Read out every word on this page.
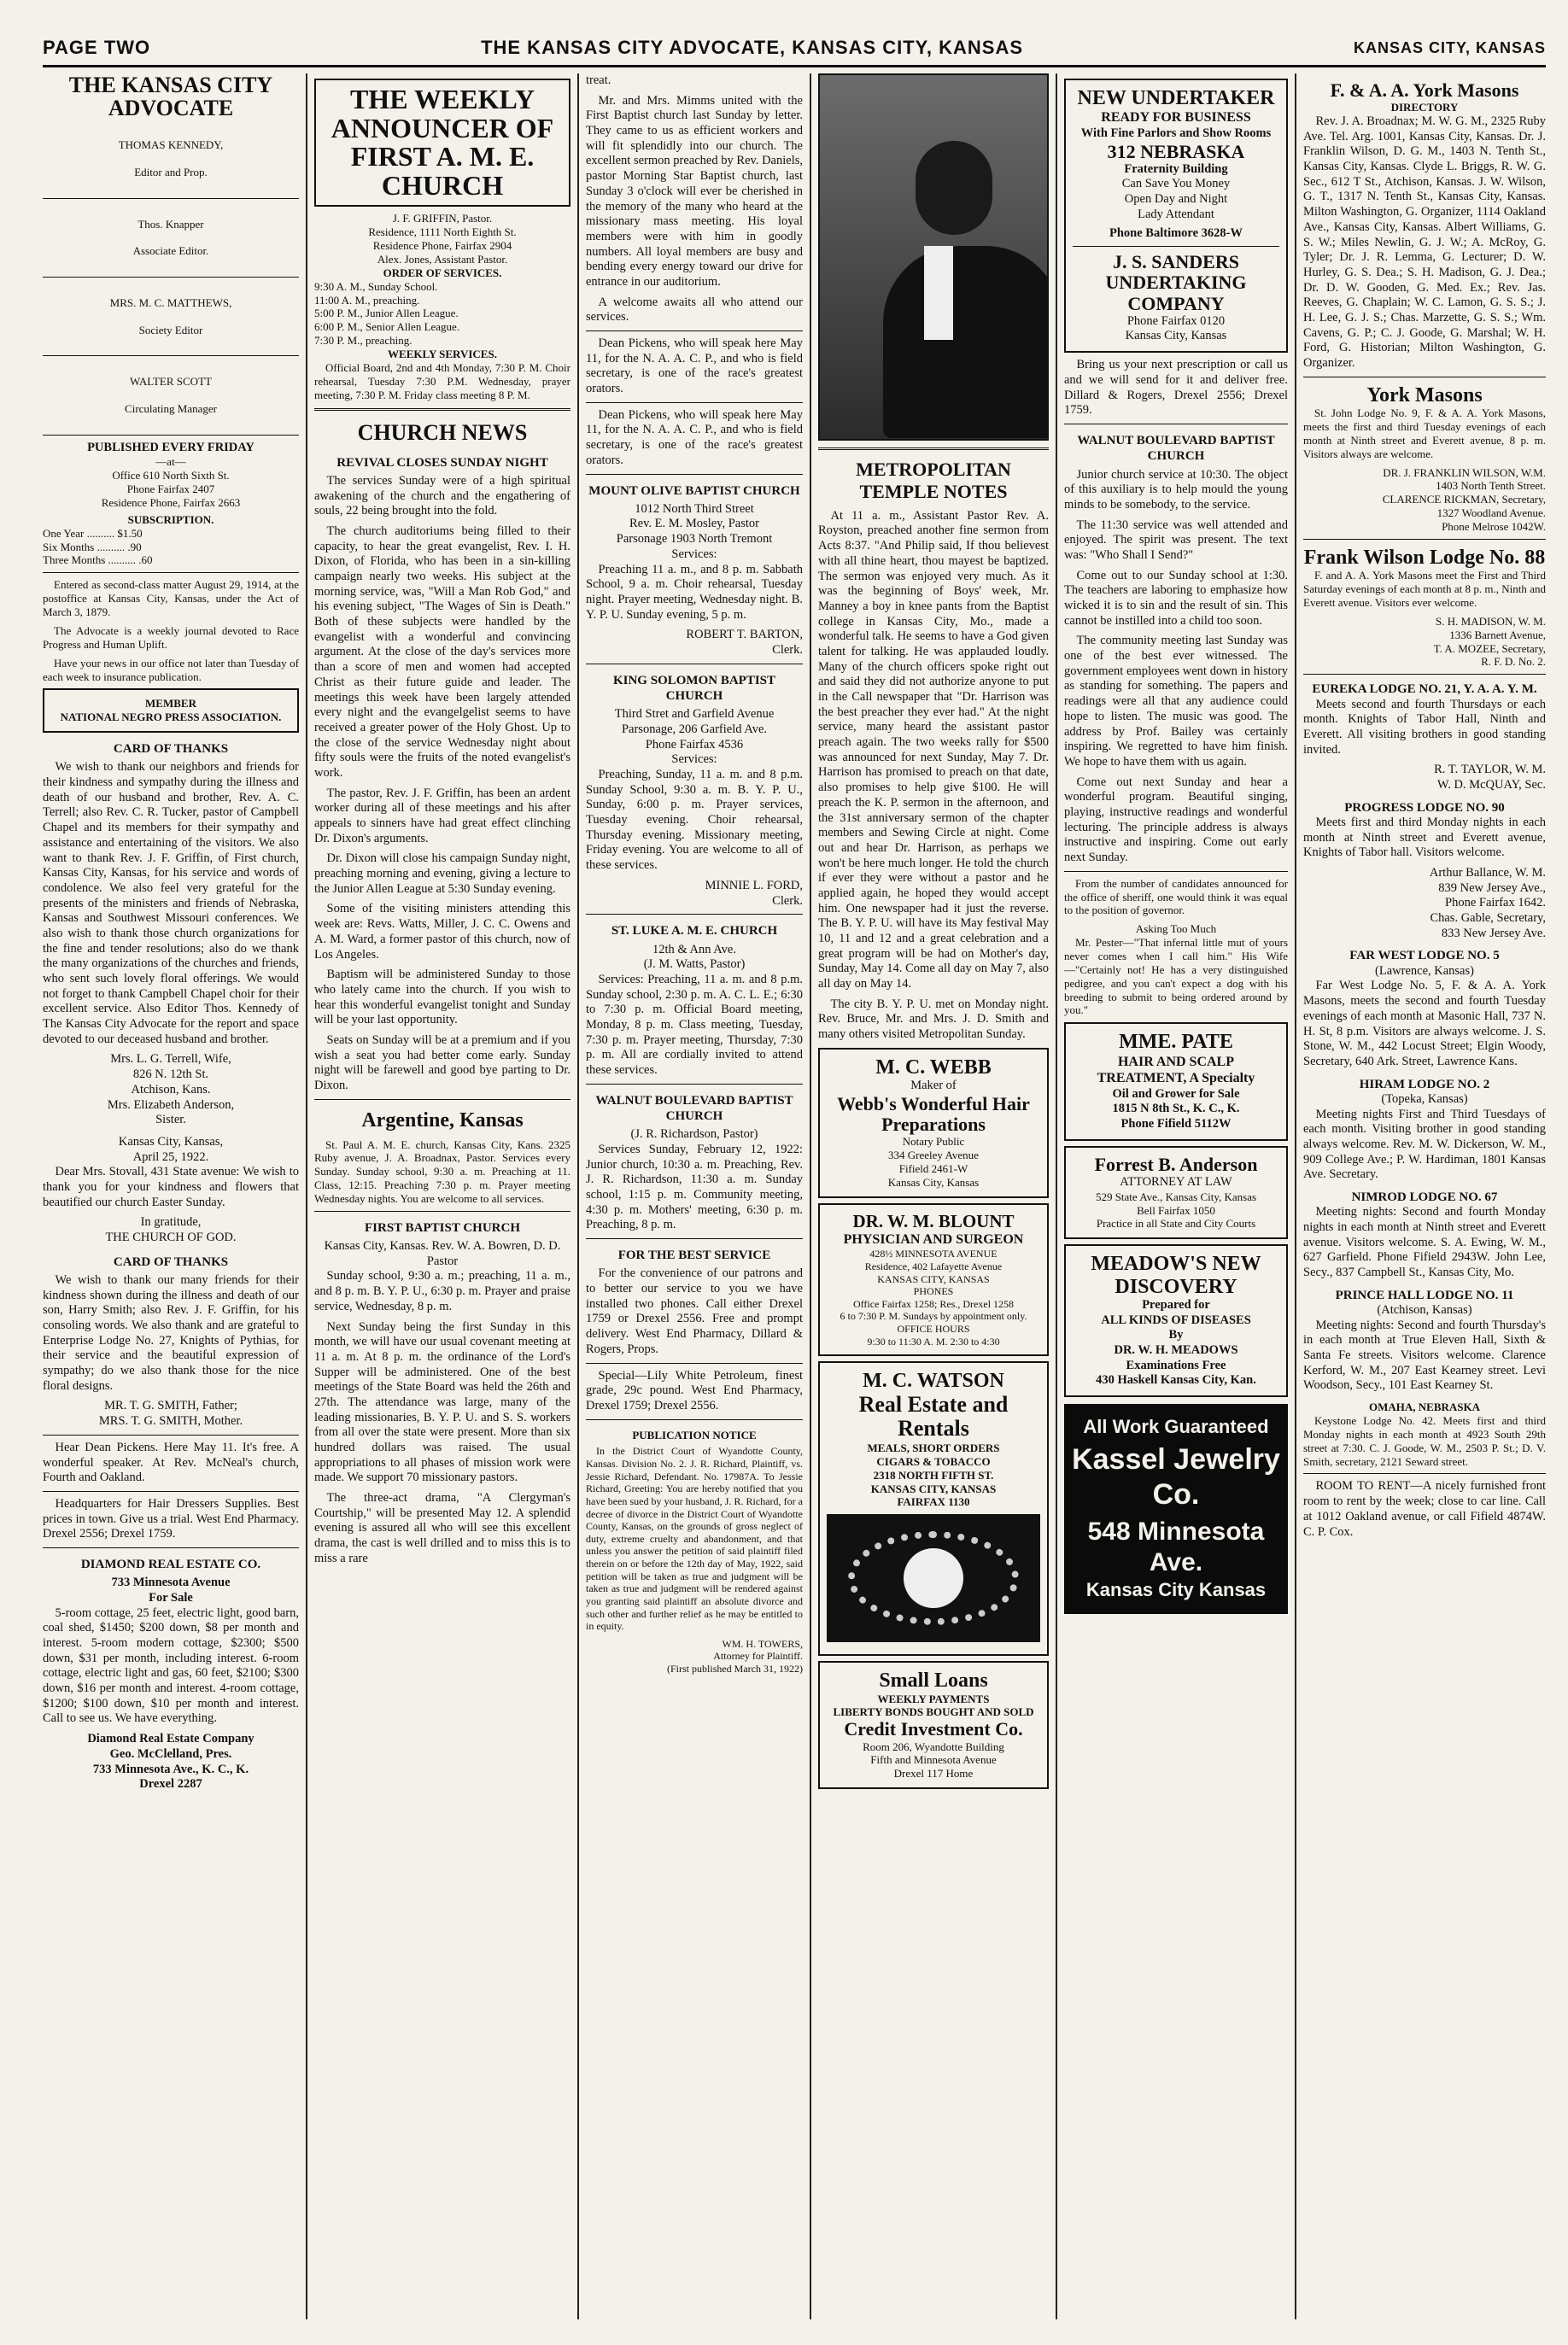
PAGE TWO	THE KANSAS CITY ADVOCATE, KANSAS CITY, KANSAS	KANSAS CITY, KANSAS
THE KANSAS CITY ADVOCATE

THOMAS KENNEDY,

Editor and Prop.

Thos. Knapper

Associate Editor.

MRS. M. C. MATTHEWS,

Society Editor

WALTER SCOTT

Circulating Manager

PUBLISHED EVERY FRIDAY
—at—
Office 610 North Sixth St.
Phone Fairfax 2407
Residence Phone, Fairfax 2663
SUBSCRIPTION.
One Year .......... $1.50
Six Months .......... .90
Three Months .......... .60

Entered as second-class matter August 29, 1914, at the postoffice at Kansas City, Kansas, under the Act of March 3, 1879.

The Advocate is a weekly journal devoted to Race Progress and Human Uplift.

Have your news in our office not later than Tuesday of each week to insurance publication.

MEMBER
NATIONAL NEGRO PRESS ASSOCIATION.
CARD OF THANKS

We wish to thank our neighbors and friends for their kindness and sympathy during the illness and death of our husband and brother, Rev. A. C. Terrell; also Rev. C. R. Tucker, pastor of Campbell Chapel and its members for their sympathy and assistance and entertaining of the visitors. We also want to thank Rev. J. F. Griffin, of First church, Kansas City, Kansas, for his service and words of condolence. We also feel very grateful for the presents of the ministers and friends of Nebraska, Kansas and Southwest Missouri conferences. We also wish to thank those church organizations for the fine and tender resolutions; also do we thank the many organizations of the churches and friends, who sent such lovely floral offerings. We would not forget to thank Campbell Chapel choir for their excellent service. Also Editor Thos. Kennedy of The Kansas City Advocate for the report and space devoted to our deceased husband and brother.

Mrs. L. G. Terrell, Wife,
826 N. 12th St.
Atchison, Kans.
Mrs. Elizabeth Anderson,
Sister.
Kansas City, Kansas,
April 25, 1922.

Dear Mrs. Stovall, 431 State avenue: We wish to thank you for your kindness and flowers that beautified our church Easter Sunday.

In gratitude,
THE CHURCH OF GOD.
CARD OF THANKS

We wish to thank our many friends for their kindness shown during the illness and death of our son, Harry Smith; also Rev. J. F. Griffin, for his consoling words. We also thank and are grateful to Enterprise Lodge No. 27, Knights of Pythias, for their service and the beautiful expression of sympathy; do we also thank those for the nice floral designs.

MR. T. G. SMITH, Father;
MRS. T. G. SMITH, Mother.

Hear Dean Pickens. Here May 11. It's free. A wonderful speaker. At Rev. McNeal's church, Fourth and Oakland.

Headquarters for Hair Dressers Supplies. Best prices in town. Give us a trial. West End Pharmacy. Drexel 2556; Drexel 1759.

DIAMOND REAL ESTATE CO.
733 Minnesota Avenue
For Sale

5-room cottage, 25 feet, electric light, good barn, coal shed, $1450; $200 down, $8 per month and interest. 5-room modern cottage, $2300; $500 down, $31 per month, including interest. 6-room cottage, electric light and gas, 60 feet, $2100; $300 down, $16 per month and interest. 4-room cottage, $1200; $100 down, $10 per month and interest. Call to see us. We have everything.

Diamond Real Estate Company
Geo. McClelland, Pres.
733 Minnesota Ave., K. C., K.
Drexel 2287
THE WEEKLY ANNOUNCER OF FIRST A. M. E. CHURCH
J. F. GRIFFIN, Pastor.
Residence, 1111 North Eighth St.
Residence Phone, Fairfax 2904
Alex. Jones, Assistant Pastor.
ORDER OF SERVICES.
9:30 A. M., Sunday School.
11:00 A. M., preaching.
5:00 P. M., Junior Allen League.
6:00 P. M., Senior Allen League.
7:30 P. M., preaching.
WEEKLY SERVICES.

Official Board, 2nd and 4th Monday, 7:30 P. M. Choir rehearsal, Tuesday 7:30 P.M. Wednesday, prayer meeting, 7:30 P. M. Friday class meeting 8 P. M.

CHURCH NEWS
REVIVAL CLOSES SUNDAY NIGHT

The services Sunday were of a high spiritual awakening of the church and the engathering of souls, 22 being brought into the fold.

The church auditoriums being filled to their capacity, to hear the great evangelist, Rev. I. H. Dixon, of Florida, who has been in a sin-killing campaign nearly two weeks. His subject at the morning service, was, "Will a Man Rob God," and his evening subject, "The Wages of Sin is Death." Both of these subjects were handled by the evangelist with a wonderful and convincing argument. At the close of the day's services more than a score of men and women had accepted Christ as their future guide and leader. The meetings this week have been largely attended every night and the evangelgelist seems to have received a greater power of the Holy Ghost. Up to the close of the service Wednesday night about fifty souls were the fruits of the noted evangelist's work.

The pastor, Rev. J. F. Griffin, has been an ardent worker during all of these meetings and his after appeals to sinners have had great effect clinching Dr. Dixon's arguments.

Dr. Dixon will close his campaign Sunday night, preaching morning and evening, giving a lecture to the Junior Allen League at 5:30 Sunday evening.

Some of the visiting ministers attending this week are: Revs. Watts, Miller, J. C. C. Owens and A. M. Ward, a former pastor of this church, now of Los Angeles.

Baptism will be administered Sunday to those who lately came into the church. If you wish to hear this wonderful evangelist tonight and Sunday will be your last opportunity.

Seats on Sunday will be at a premium and if you wish a seat you had better come early. Sunday night will be farewell and good bye parting to Dr. Dixon.

Argentine, Kansas

St. Paul A. M. E. church, Kansas City, Kans. 2325 Ruby avenue, J. A. Broadnax, Pastor. Services every Sunday. Sunday school, 9:30 a. m. Preaching at 11. Class, 12:15. Preaching 7:30 p. m. Prayer meeting Wednesday nights. You are welcome to all services.

FIRST BAPTIST CHURCH
Kansas City, Kansas. Rev. W. A. Bowren, D. D. Pastor

Sunday school, 9:30 a. m.; preaching, 11 a. m., and 8 p. m. B. Y. P. U., 6:30 p. m. Prayer and praise service, Wednesday, 8 p. m.

Next Sunday being the first Sunday in this month, we will have our usual covenant meeting at 11 a. m. At 8 p. m. the ordinance of the Lord's Supper will be administered. One of the best meetings of the State Board was held the 26th and 27th. The attendance was large, many of the leading missionaries, B. Y. P. U. and S. S. workers from all over the state were present. More than six hundred dollars was raised. The usual appropriations to all phases of mission work were made. We support 70 missionary pastors.

The three-act drama, "A Clergyman's Courtship," will be presented May 12. A splendid evening is assured all who will see this excellent drama, the cast is well drilled and to miss this is to miss a rare

treat.

Mr. and Mrs. Mimms united with the First Baptist church last Sunday by letter. They came to us as efficient workers and will fit splendidly into our church. The excellent sermon preached by Rev. Daniels, pastor Morning Star Baptist church, last Sunday 3 o'clock will ever be cherished in the memory of the many who heard at the missionary mass meeting. His loyal members were with him in goodly numbers. All loyal members are busy and bending every energy toward our drive for entrance in our auditorium.

A welcome awaits all who attend our services.

Dean Pickens, who will speak here May 11, for the N. A. A. C. P., and who is field secretary, is one of the race's greatest orators.

Dean Pickens, who will speak here May 11, for the N. A. A. C. P., and who is field secretary, is one of the race's greatest orators.

MOUNT OLIVE BAPTIST CHURCH
1012 North Third Street
Rev. E. M. Mosley, Pastor
Parsonage 1903 North Tremont
Services:

Preaching 11 a. m., and 8 p. m. Sabbath School, 9 a. m. Choir rehearsal, Tuesday night. Prayer meeting, Wednesday night. B. Y. P. U. Sunday evening, 5 p. m.

ROBERT T. BARTON,
Clerk.
KING SOLOMON BAPTIST CHURCH
Third Stret and Garfield Avenue
Parsonage, 206 Garfield Ave.
Phone Fairfax 4536
Services:

Preaching, Sunday, 11 a. m. and 8 p.m. Sunday School, 9:30 a. m. B. Y. P. U., Sunday, 6:00 p. m. Prayer services, Tuesday evening. Choir rehearsal, Thursday evening. Missionary meeting, Friday evening. You are welcome to all of these services.

MINNIE L. FORD,
Clerk.
ST. LUKE A. M. E. CHURCH
12th & Ann Ave.
(J. M. Watts, Pastor)

Services: Preaching, 11 a. m. and 8 p.m. Sunday school, 2:30 p. m. A. C. L. E.; 6:30 to 7:30 p. m. Official Board meeting, Monday, 8 p. m. Class meeting, Tuesday, 7:30 p. m. Prayer meeting, Thursday, 7:30 p. m. All are cordially invited to attend these services.

WALNUT BOULEVARD BAPTIST CHURCH
(J. R. Richardson, Pastor)

Services Sunday, February 12, 1922: Junior church, 10:30 a. m. Preaching, Rev. J. R. Richardson, 11:30 a. m. Sunday school, 1:15 p. m. Community meeting, 4:30 p. m. Mothers' meeting, 6:30 p. m. Preaching, 8 p. m.

FOR THE BEST SERVICE

For the convenience of our patrons and to better our service to you we have installed two phones. Call either Drexel 1759 or Drexel 2556. Free and prompt delivery. West End Pharmacy, Dillard & Rogers, Props.

Special—Lily White Petroleum, finest grade, 29c pound. West End Pharmacy, Drexel 1759; Drexel 2556.

PUBLICATION NOTICE

In the District Court of Wyandotte County, Kansas. Division No. 2. J. R. Richard, Plaintiff, vs. Jessie Richard, Defendant. No. 17987A. To Jessie Richard, Greeting: You are hereby notified that you have been sued by your husband, J. R. Richard, for a decree of divorce in the District Court of Wyandotte County, Kansas, on the grounds of gross neglect of duty, extreme cruelty and abandonment, and that unless you answer the petition of said plaintiff filed therein on or before the 12th day of May, 1922, said petition will be taken as true and judgment will be taken as true and judgment will be rendered against you granting said plaintiff an absolute divorce and such other and further relief as he may be entitled to in equity.

WM. H. TOWERS,
Attorney for Plaintiff.
(First published March 31, 1922)
METROPOLITAN TEMPLE NOTES

At 11 a. m., Assistant Pastor Rev. A. Royston, preached another fine sermon from Acts 8:37. "And Philip said, If thou believest with all thine heart, thou mayest be baptized. The sermon was enjoyed very much. As it was the beginning of Boys' week, Mr. Manney a boy in knee pants from the Baptist college in Kansas City, Mo., made a wonderful talk. He seems to have a God given talent for talking. He was applauded loudly. Many of the church officers spoke right out and said they did not authorize anyone to put in the Call newspaper that "Dr. Harrison was the best preacher they ever had." At the night service, many heard the assistant pastor preach again. The two weeks rally for $500 was announced for next Sunday, May 7. Dr. Harrison has promised to preach on that date, also promises to help give $100. He will preach the K. P. sermon in the afternoon, and the 31st anniversary sermon of the chapter members and Sewing Circle at night. Come out and hear Dr. Harrison, as perhaps we won't be here much longer. He told the church if ever they were without a pastor and he applied again, he hoped they would accept him. One newspaper had it just the reverse. The B. Y. P. U. will have its May festival May 10, 11 and 12 and a great celebration and a great program will be had on Mother's day, Sunday, May 14. Come all day on May 7, also all day on May 14.

The city B. Y. P. U. met on Monday night. Rev. Bruce, Mr. and Mrs. J. D. Smith and many others visited Metropolitan Sunday.

M. C. WEBB
Maker of
Webb's Wonderful Hair Preparations
Notary Public
334 Greeley Avenue
Fifield 2461-W
Kansas City, Kansas
DR. W. M. BLOUNT
PHYSICIAN AND SURGEON
428½ MINNESOTA AVENUE
Residence, 402 Lafayette Avenue
KANSAS CITY, KANSAS
PHONES
Office Fairfax 1258; Res., Drexel 1258
6 to 7:30 P. M. Sundays by appointment only.
OFFICE HOURS
9:30 to 11:30 A. M. 2:30 to 4:30
M. C. WATSON
Real Estate and Rentals
MEALS, SHORT ORDERS
CIGARS & TOBACCO
2318 NORTH FIFTH ST.
KANSAS CITY, KANSAS
FAIRFAX 1130
Small Loans
WEEKLY PAYMENTS
LIBERTY BONDS BOUGHT AND SOLD
Credit Investment Co.
Room 206, Wyandotte Building
Fifth and Minnesota Avenue
Drexel 117 Home
NEW UNDERTAKER
READY FOR BUSINESS
With Fine Parlors and Show Rooms
312 NEBRASKA
Fraternity Building
Can Save You Money
Open Day and Night
Lady Attendant
Phone Baltimore 3628-W
J. S. SANDERS UNDERTAKING COMPANY
Phone Fairfax 0120
Kansas City, Kansas

Bring us your next prescription or call us and we will send for it and deliver free. Dillard & Rogers, Drexel 2556; Drexel 1759.

WALNUT BOULEVARD BAPTIST CHURCH

Junior church service at 10:30. The object of this auxiliary is to help mould the young minds to be somebody, to the service.

The 11:30 service was well attended and enjoyed. The spirit was present. The text was: "Who Shall I Send?"

Come out to our Sunday school at 1:30. The teachers are laboring to emphasize how wicked it is to sin and the result of sin. This cannot be instilled into a child too soon.

The community meeting last Sunday was one of the best ever witnessed. The government employees went down in history as standing for something. The papers and readings were all that any audience could hope to listen. The music was good. The address by Prof. Bailey was certainly inspiring. We regretted to have him finish. We hope to have them with us again.

Come out next Sunday and hear a wonderful program. Beautiful singing, playing, instructive readings and wonderful lecturing. The principle address is always instructive and inspiring. Come out early next Sunday.

From the number of candidates announced for the office of sheriff, one would think it was equal to the position of governor.

Asking Too Much

Mr. Pester—"That infernal little mut of yours never comes when I call him." His Wife—"Certainly not! He has a very distinguished pedigree, and you can't expect a dog with his breeding to submit to being ordered around by you."

MME. PATE
HAIR AND SCALP TREATMENT, A Specialty
Oil and Grower for Sale
1815 N 8th St., K. C., K.
Phone Fifield 5112W
Forrest B. Anderson
ATTORNEY AT LAW
529 State Ave., Kansas City, Kansas
Bell Fairfax 1050
Practice in all State and City Courts
MEADOW'S NEW DISCOVERY
Prepared for
ALL KINDS OF DISEASES
By
DR. W. H. MEADOWS
Examinations Free
430 Haskell Kansas City, Kan.
All Work Guaranteed
Kassel Jewelry Co.
548 Minnesota Ave.
Kansas City Kansas
F. & A. A. York Masons
DIRECTORY

Rev. J. A. Broadnax; M. W. G. M., 2325 Ruby Ave. Tel. Arg. 1001, Kansas City, Kansas. Dr. J. Franklin Wilson, D. G. M., 1403 N. Tenth St., Kansas City, Kansas. Clyde L. Briggs, R. W. G. Sec., 612 T St., Atchison, Kansas. J. W. Wilson, G. T., 1317 N. Tenth St., Kansas City, Kansas. Milton Washington, G. Organizer, 1114 Oakland Ave., Kansas City, Kansas. Albert Williams, G. S. W.; Miles Newlin, G. J. W.; A. McRoy, G. Tyler; Dr. J. R. Lemma, G. Lecturer; D. W. Hurley, G. S. Dea.; S. H. Madison, G. J. Dea.; Dr. D. W. Gooden, G. Med. Ex.; Rev. Jas. Reeves, G. Chaplain; W. C. Lamon, G. S. S.; J. H. Lee, G. J. S.; Chas. Marzette, G. S. S.; Wm. Cavens, G. P.; C. J. Goode, G. Marshal; W. H. Ford, G. Historian; Milton Washington, G. Organizer.

York Masons

St. John Lodge No. 9, F. & A. A. York Masons, meets the first and third Tuesday evenings of each month at Ninth street and Everett avenue, 8 p. m. Visitors always are welcome.

DR. J. FRANKLIN WILSON, W.M.
1403 North Tenth Street.
CLARENCE RICKMAN, Secretary,
1327 Woodland Avenue.
Phone Melrose 1042W.
Frank Wilson Lodge No. 88

F. and A. A. York Masons meet the First and Third Saturday evenings of each month at 8 p. m., Ninth and Everett avenue. Visitors ever welcome.

S. H. MADISON, W. M.
1336 Barnett Avenue,
T. A. MOZEE, Secretary,
R. F. D. No. 2.
EUREKA LODGE NO. 21, Y. A. A. Y. M.

Meets second and fourth Thursdays or each month. Knights of Tabor Hall, Ninth and Everett. All visiting brothers in good standing invited.

R. T. TAYLOR, W. M.
W. D. McQUAY, Sec.
PROGRESS LODGE NO. 90

Meets first and third Monday nights in each month at Ninth street and Everett avenue, Knights of Tabor hall. Visitors welcome.

Arthur Ballance, W. M.
839 New Jersey Ave.,
Phone Fairfax 1642.
Chas. Gable, Secretary,
833 New Jersey Ave.
FAR WEST LODGE NO. 5
(Lawrence, Kansas)

Far West Lodge No. 5, F. & A. A. York Masons, meets the second and fourth Tuesday evenings of each month at Masonic Hall, 737 N. H. St, 8 p.m. Visitors are always welcome. J. S. Stone, W. M., 442 Locust Street; Elgin Woody, Secretary, 640 Ark. Street, Lawrence Kans.

HIRAM LODGE NO. 2
(Topeka, Kansas)

Meeting nights First and Third Tuesdays of each month. Visiting brother in good standing always welcome. Rev. M. W. Dickerson, W. M., 909 College Ave.; P. W. Hardiman, 1801 Kansas Ave. Secretary.

NIMROD LODGE NO. 67

Meeting nights: Second and fourth Monday nights in each month at Ninth street and Everett avenue. Visitors welcome. S. A. Ewing, W. M., 627 Garfield. Phone Fifield 2943W. John Lee, Secy., 837 Campbell St., Kansas City, Mo.

PRINCE HALL LODGE NO. 11
(Atchison, Kansas)

Meeting nights: Second and fourth Thursday's in each month at True Eleven Hall, Sixth & Santa Fe streets. Visitors welcome. Clarence Kerford, W. M., 207 East Kearney street. Levi Woodson, Secy., 101 East Kearney St.

OMAHA, NEBRASKA

Keystone Lodge No. 42. Meets first and third Monday nights in each month at 4923 South 29th street at 7:30. C. J. Goode, W. M., 2503 P. St.; D. V. Smith, secretary, 2121 Seward street.

ROOM TO RENT—A nicely furnished front room to rent by the week; close to car line. Call at 1012 Oakland avenue, or call Fifield 4874W. C. P. Cox.
